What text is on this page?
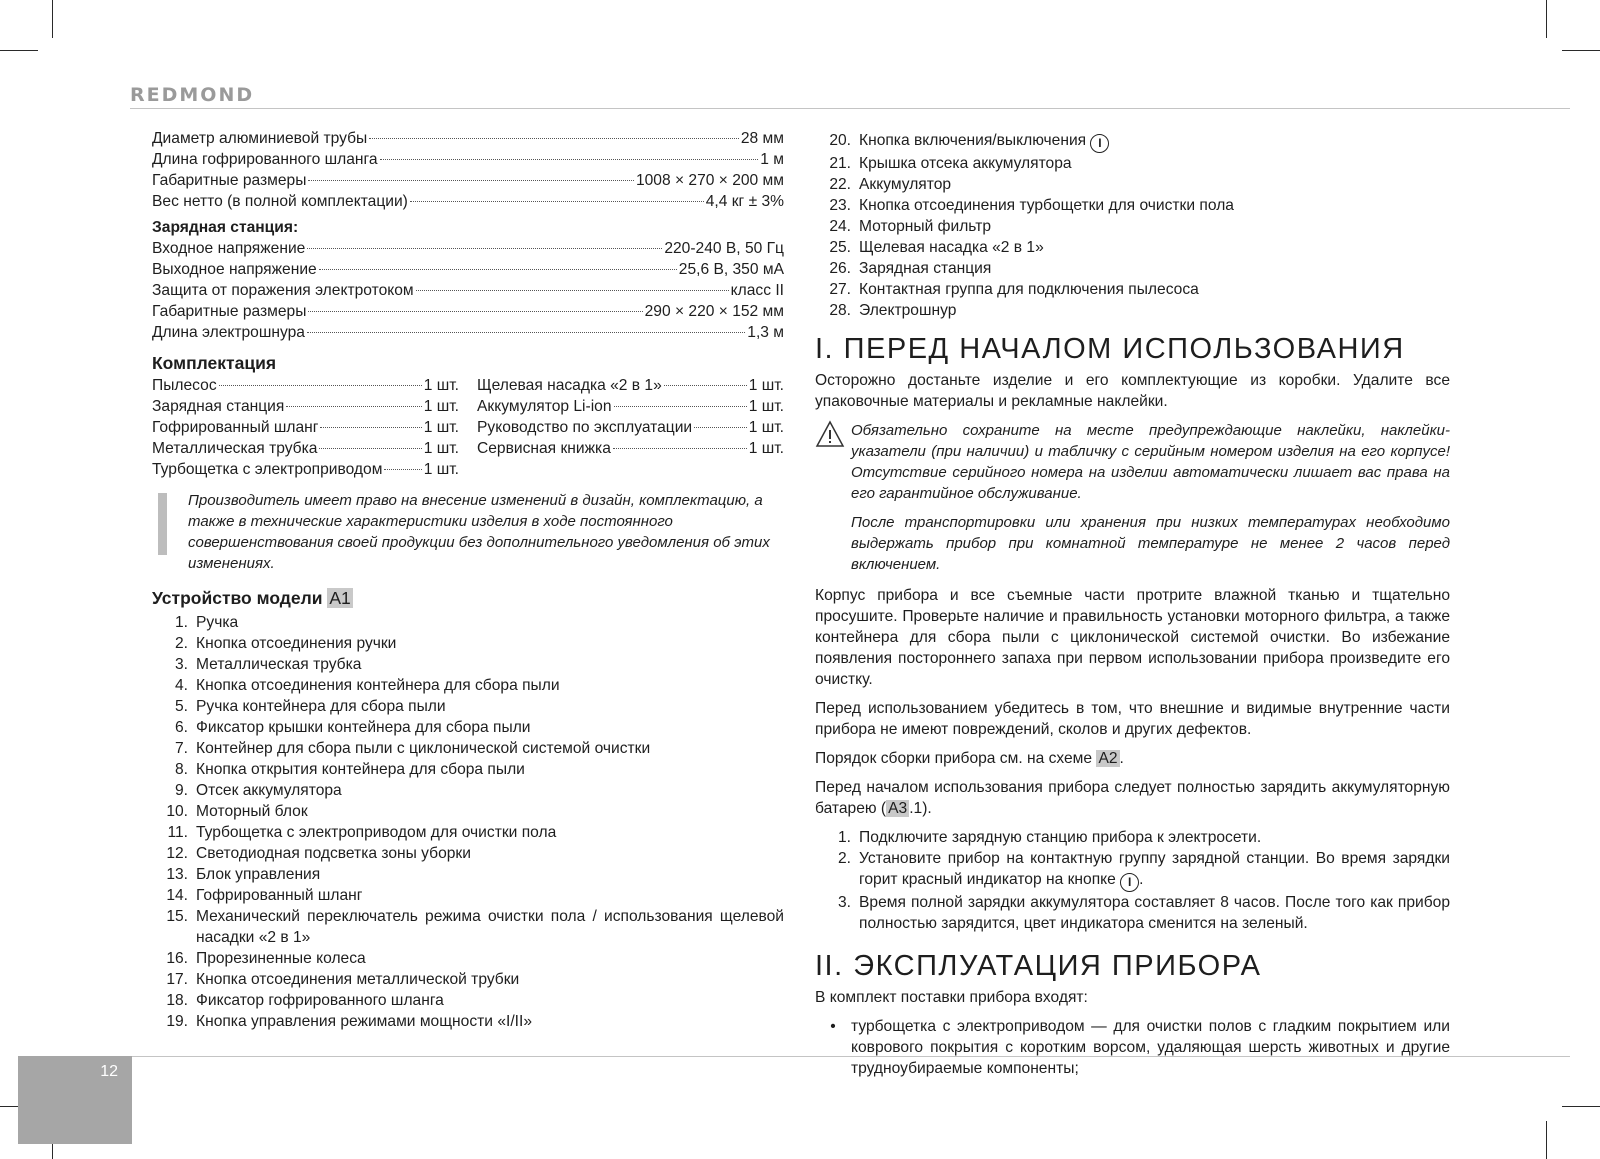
REDMOND
12
Диаметр алюминиевой трубы	28 мм
Длина гофрированного шланга	1 м
Габаритные размеры	1008 × 270 × 200 мм
Вес нетто (в полной комплектации)	4,4 кг ± 3%
Зарядная станция:
Входное напряжение	220-240 В, 50 Гц
Выходное напряжение	25,6 В, 350 мА
Защита от поражения электротоком	класс II
Габаритные размеры	290 × 220 × 152 мм
Длина электрошнура	1,3 м
Комплектация
Пылесос	1 шт.
Зарядная станция	1 шт.
Гофрированный шланг	1 шт.
Металлическая трубка	1 шт.
Турбощетка с электроприводом	1 шт.
Щелевая насадка «2 в 1»	1 шт.
Аккумулятор Li-ion	1 шт.
Руководство по эксплуатации	1 шт.
Сервисная книжка	1 шт.
Производитель имеет право на внесение изменений в дизайн, комплектацию, а также в технические характеристики изделия в ходе постоянного совершенствования своей продукции без дополнительного уведомления об этих изменениях.
Устройство модели A1
1. Ручка
2. Кнопка отсоединения ручки
3. Металлическая трубка
4. Кнопка отсоединения контейнера для сбора пыли
5. Ручка контейнера для сбора пыли
6. Фиксатор крышки контейнера для сбора пыли
7. Контейнер для сбора пыли с циклонической системой очистки
8. Кнопка открытия контейнера для сбора пыли
9. Отсек аккумулятора
10. Моторный блок
11. Турбощетка с электроприводом для очистки пола
12. Светодиодная подсветка зоны уборки
13. Блок управления
14. Гофрированный шланг
15. Механический переключатель режима очистки пола / использования щелевой насадки «2 в 1»
16. Прорезиненные колеса
17. Кнопка отсоединения металлической трубки
18. Фиксатор гофрированного шланга
19. Кнопка управления режимами мощности «I/II»
20. Кнопка включения/выключения I
21. Крышка отсека аккумулятора
22. Аккумулятор
23. Кнопка отсоединения турбощетки для очистки пола
24. Моторный фильтр
25. Щелевая насадка «2 в 1»
26. Зарядная станция
27. Контактная группа для подключения пылесоса
28. Электрошнур
I. ПЕРЕД НАЧАЛОМ ИСПОЛЬЗОВАНИЯ

Осторожно достаньте изделие и его комплектующие из коробки. Удалите все упаковочные материалы и рекламные наклейки.

Обязательно сохраните на месте предупреждающие наклейки, наклейки-указатели (при наличии) и табличку с серийным номером изделия на его корпусе! Отсутствие серийного номера на изделии автоматически лишает вас права на его гарантийное обслуживание.

После транспортировки или хранения при низких температурах необходимо выдержать прибор при комнатной температуре не менее 2 часов перед включением.

Корпус прибора и все съемные части протрите влажной тканью и тщательно просушите. Проверьте наличие и правильность установки моторного фильтра, а также контейнера для сбора пыли с циклонической системой очистки. Во избежание появления постороннего запаха при первом использовании прибора произведите его очистку.

Перед использованием убедитесь в том, что внешние и видимые внутренние части прибора не имеют повреждений, сколов и других дефектов.

Порядок сборки прибора см. на схеме A2 .

Перед началом использования прибора следует полностью зарядить аккумуляторную батарею ( A3 .1).

1. Подключите зарядную станцию прибора к электросети.
2. Установите прибор на контактную группу зарядной станции. Во время зарядки горит красный индикатор на кнопке I .
3. Время полной зарядки аккумулятора составляет 8 часов. После того как прибор полностью зарядится, цвет индикатора сменится на зеленый.
II. ЭКСПЛУАТАЦИЯ ПРИБОРА

В комплект поставки прибора входят:

• турбощетка с электроприводом — для очистки полов с гладким покрытием или коврового покрытия с коротким ворсом, удаляющая шерсть животных и другие трудноубираемые компоненты;
